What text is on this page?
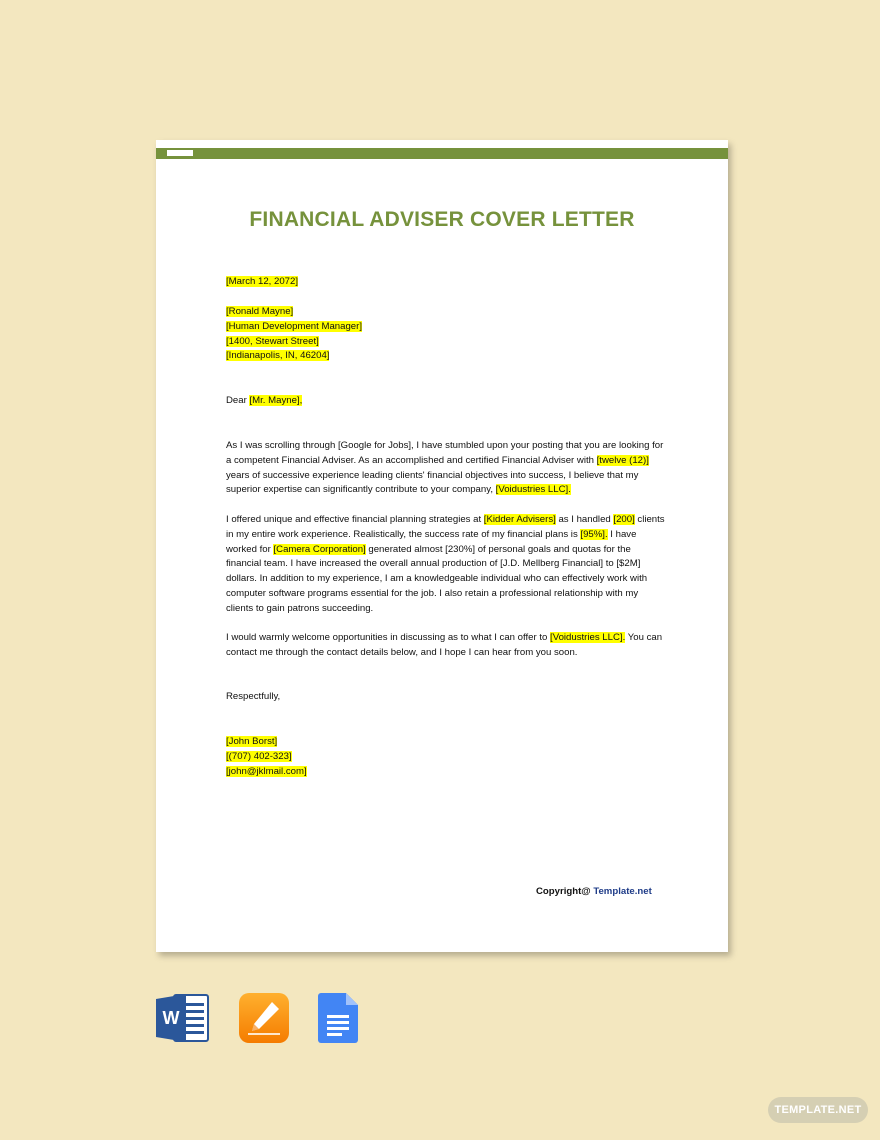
FINANCIAL ADVISER COVER LETTER
[March 12, 2072]
[Ronald Mayne]
[Human Development Manager]
[1400, Stewart Street]
[Indianapolis, IN, 46204]
Dear [Mr. Mayne],
As I was scrolling through [Google for Jobs], I have stumbled upon your posting that you are looking for a competent Financial Adviser. As an accomplished and certified Financial Adviser with [twelve (12)] years of successive experience leading clients' financial objectives into success, I believe that my superior expertise can significantly contribute to your company, [Voidustries LLC].
I offered unique and effective financial planning strategies at [Kidder Advisers] as I handled [200] clients in my entire work experience. Realistically, the success rate of my financial plans is [95%]. I have worked for [Camera Corporation] generated almost [230%] of personal goals and quotas for the financial team. I have increased the overall annual production of [J.D. Mellberg Financial] to [$2M] dollars. In addition to my experience, I am a knowledgeable individual who can effectively work with computer software programs essential for the job. I also retain a professional relationship with my clients to gain patrons succeeding.
I would warmly welcome opportunities in discussing as to what I can offer to [Voidustries LLC]. You can contact me through the contact details below, and I hope I can hear from you soon.
Respectfully,
[John Borst]
[(707) 402-323]
[john@jklmail.com]
Copyright@ Template.net
W
TEMPLATE.NET
